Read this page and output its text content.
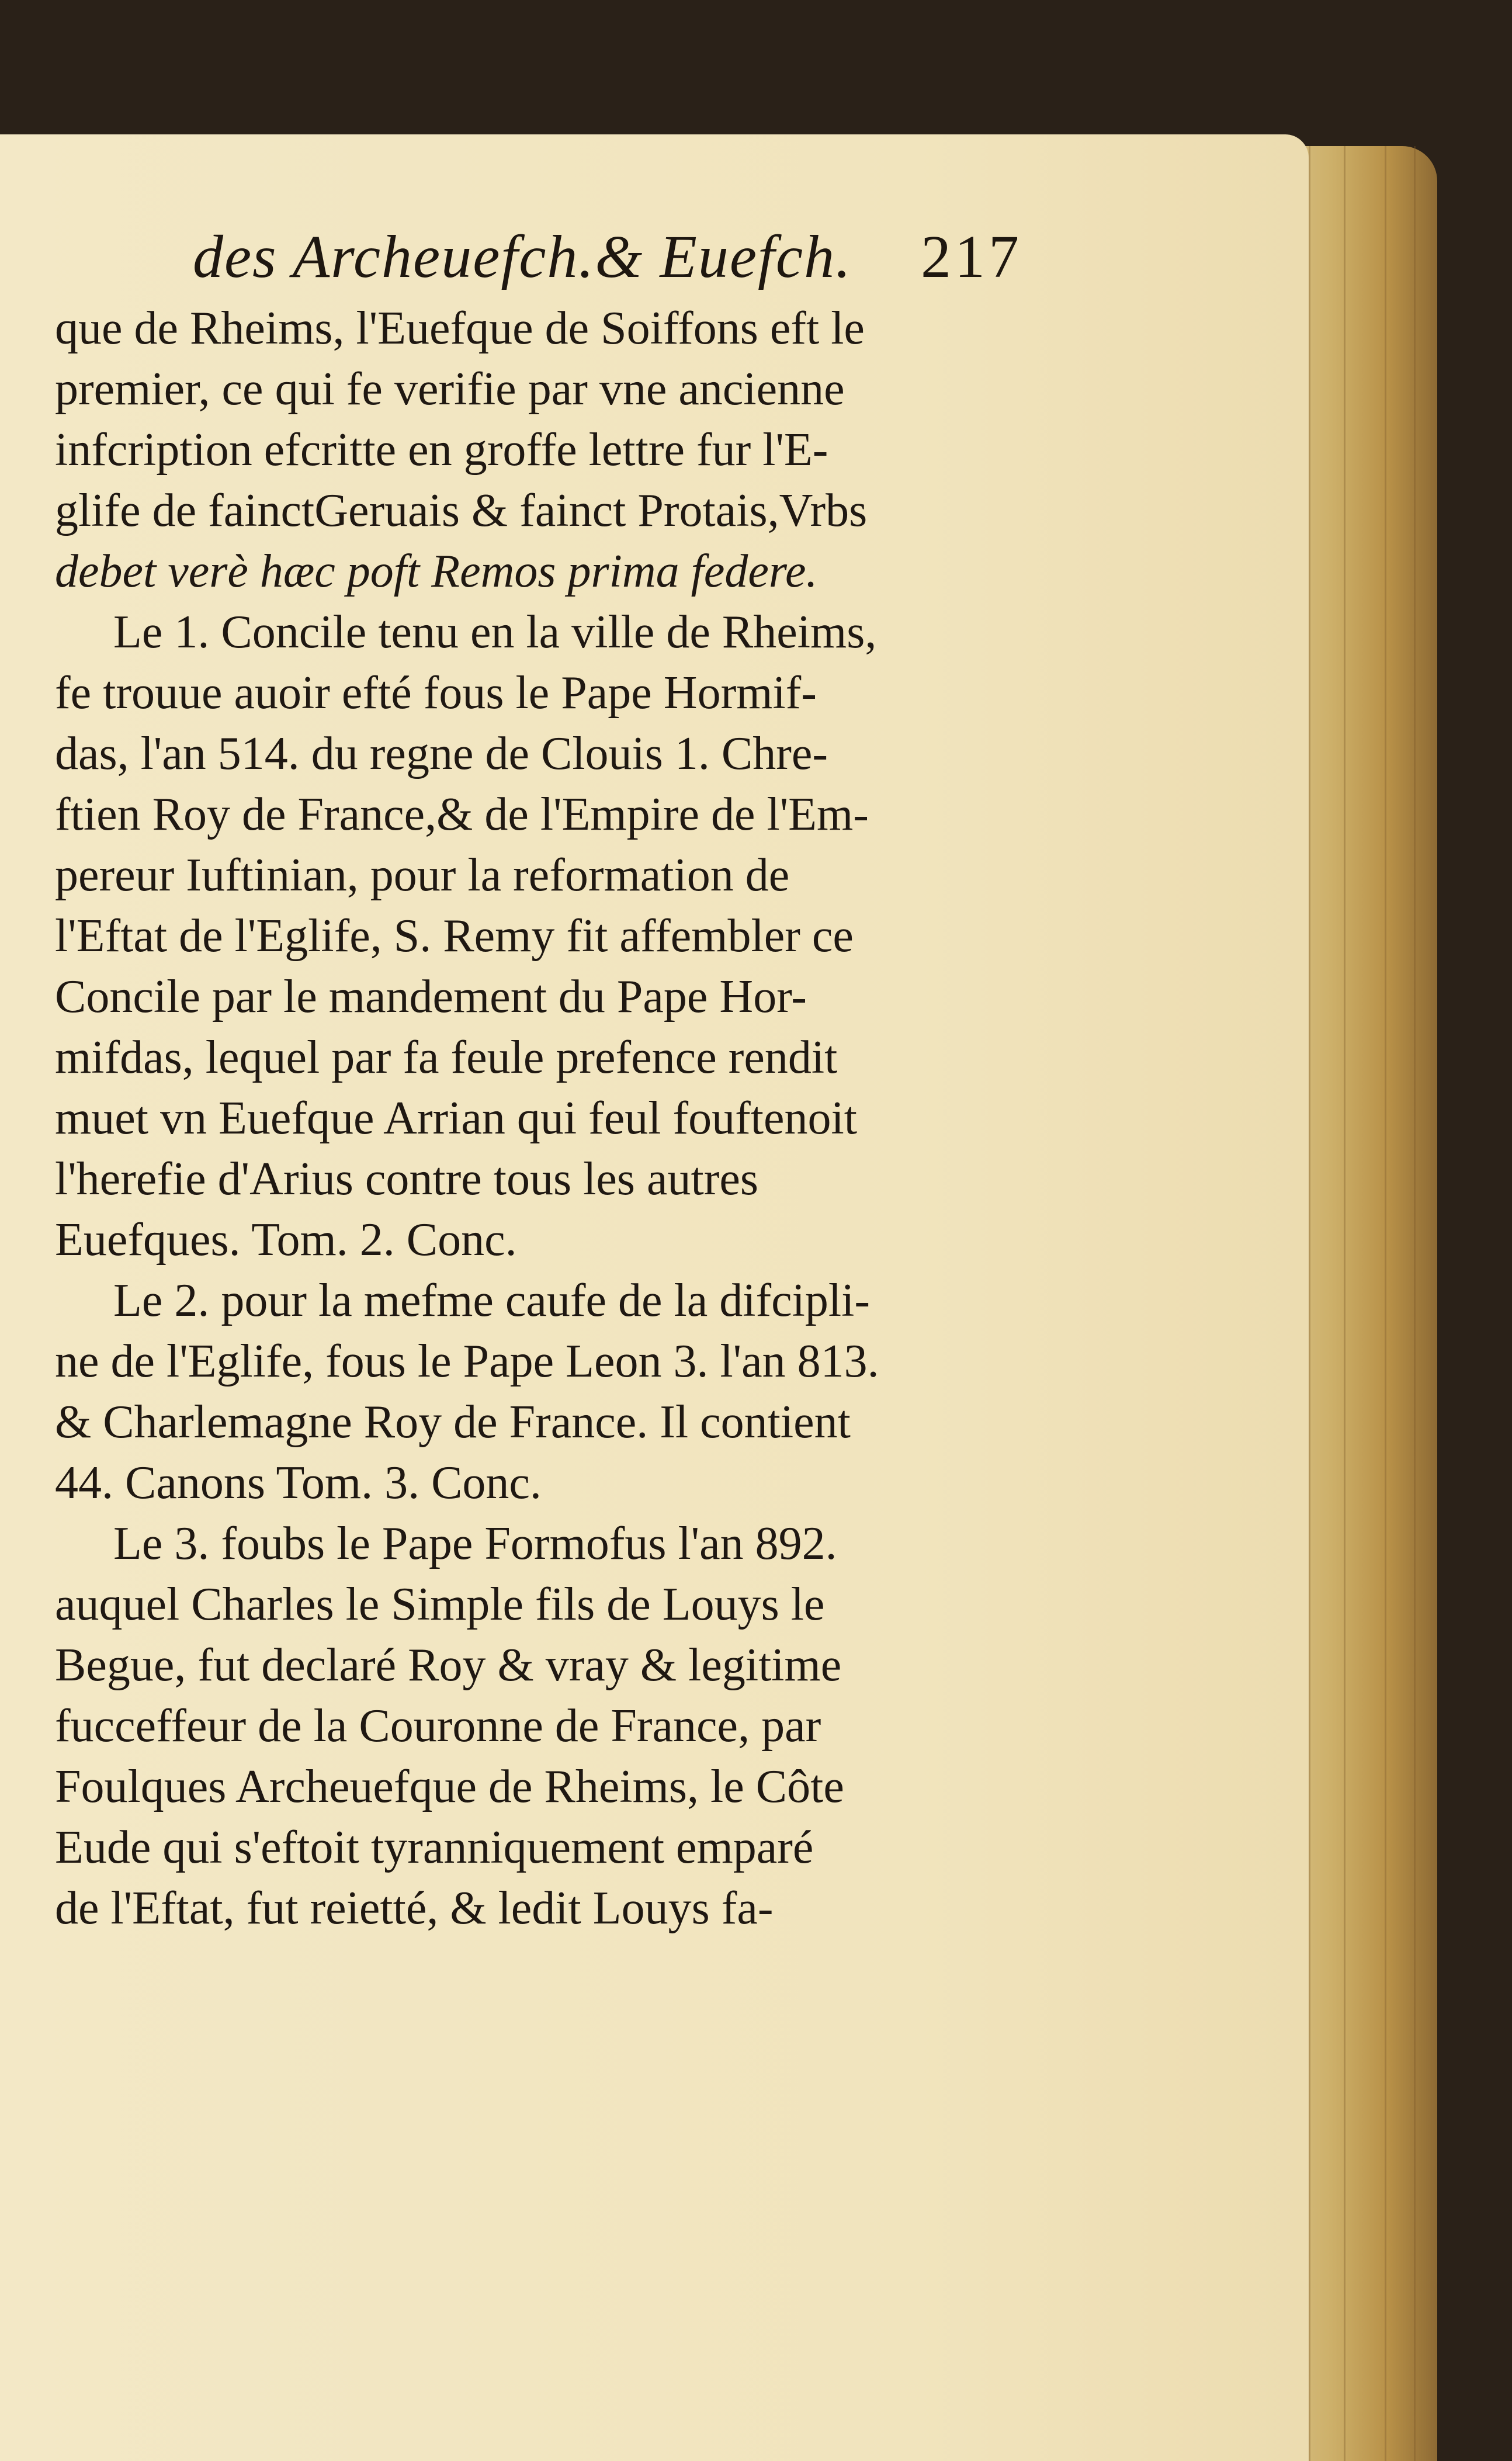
des Archeuefch.& Euefch. 217
que de Rheims, l'Euefque de Soiffons eft le
premier, ce qui fe verifie par vne ancienne
infcription efcritte en groffe lettre fur l'E-
glife de fainctGeruais & fainct Protais,Vrbs
debet verè hæc poft Remos prima federe.
Le 1. Concile tenu en la ville de Rheims,
fe trouue auoir efté fous le Pape Hormif-
das, l'an 514. du regne de Clouis 1. Chre-
ftien Roy de France,& de l'Empire de l'Em-
pereur Iuftinian, pour la reformation de
l'Eftat de l'Eglife, S. Remy fit affembler ce
Concile par le mandement du Pape Hor-
mifdas, lequel par fa feule prefence rendit
muet vn Euefque Arrian qui feul fouftenoit
l'herefie d'Arius contre tous les autres
Euefques. Tom. 2. Conc.
Le 2. pour la mefme caufe de la difcipli-
ne de l'Eglife, fous le Pape Leon 3. l'an 813.
& Charlemagne Roy de France. Il contient
44. Canons Tom. 3. Conc.
Le 3. foubs le Pape Formofus l'an 892.
auquel Charles le Simple fils de Louys le
Begue, fut declaré Roy & vray & legitime
fucceffeur de la Couronne de France, par
Foulques Archeuefque de Rheims, le Côte
Eude qui s'eftoit tyranniquement emparé
de l'Eftat, fut reietté, & ledit Louys fa-
